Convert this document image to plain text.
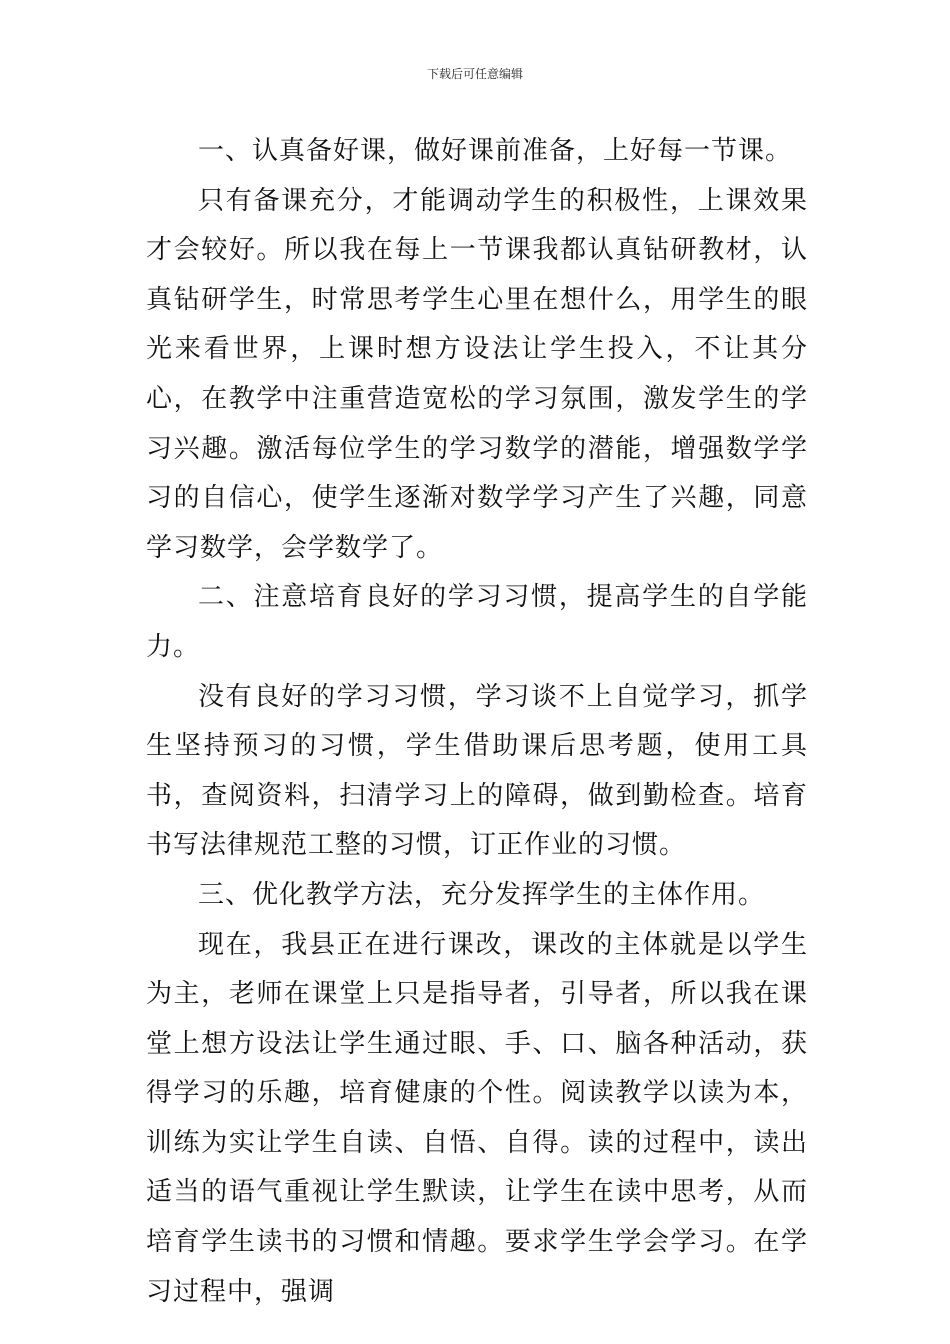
下载后可任意编辑

一、认真备好课，做好课前准备，上好每一节课。

只有备课充分，才能调动学生的积极性，上课效果才会较好。所以我在每上一节课我都认真钻研教材，认真钻研学生，时常思考学生心里在想什么，用学生的眼光来看世界，上课时想方设法让学生投入，不让其分心，在教学中注重营造宽松的学习氛围，激发学生的学习兴趣。激活每位学生的学习数学的潜能，增强数学学习的自信心，使学生逐渐对数学学习产生了兴趣，同意学习数学，会学数学了。

二、注意培育良好的学习习惯，提高学生的自学能力。

没有良好的学习习惯，学习谈不上自觉学习，抓学生坚持预习的习惯，学生借助课后思考题，使用工具书，查阅资料，扫清学习上的障碍，做到勤检查。培育书写法律规范工整的习惯，订正作业的习惯。

三、优化教学方法，充分发挥学生的主体作用。

现在，我县正在进行课改，课改的主体就是以学生为主，老师在课堂上只是指导者，引导者，所以我在课堂上想方设法让学生通过眼、手、口、脑各种活动，获得学习的乐趣，培育健康的个性。阅读教学以读为本，训练为实让学生自读、自悟、自得。读的过程中，读出适当的语气重视让学生默读，让学生在读中思考，从而培育学生读书的习惯和情趣。要求学生学会学习。在学习过程中，强调
